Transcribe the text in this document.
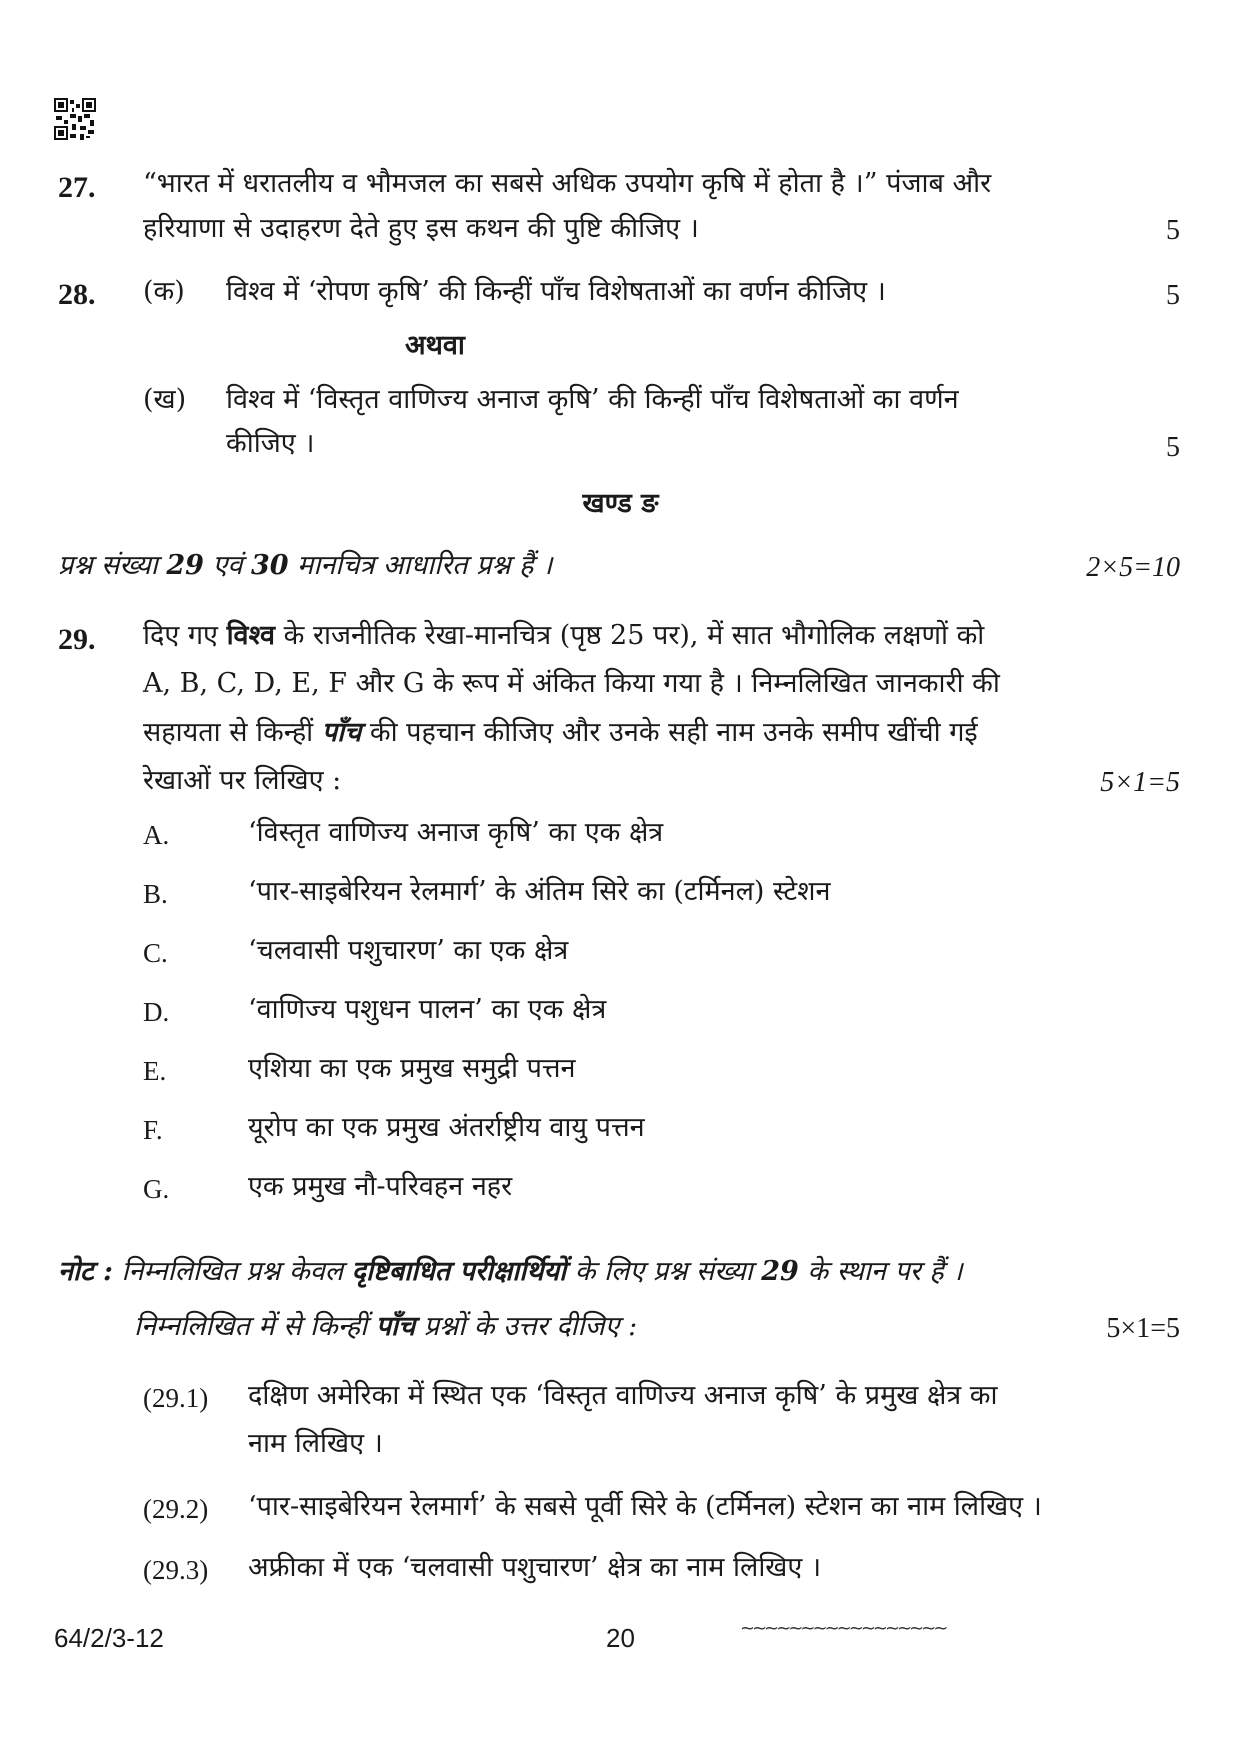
27. “भारत में धरातलीय व भौमजल का सबसे अधिक उपयोग कृषि में होता है ।” पंजाब और
हरियाणा से उदाहरण देते हुए इस कथन की पुष्टि कीजिए ।	5
28. (क) विश्व में ‘रोपण कृषि’ की किन्हीं पाँच विशेषताओं का वर्णन कीजिए ।	5
अथवा
(ख) विश्व में ‘विस्तृत वाणिज्य अनाज कृषि’ की किन्हीं पाँच विशेषताओं का वर्णन
कीजिए ।	5
खण्ड ङ
प्रश्न संख्या 29 एवं 30 मानचित्र आधारित प्रश्न हैं ।	2×5=10
29. दिए गए विश्व के राजनीतिक रेखा-मानचित्र (पृष्ठ 25 पर), में सात भौगोलिक लक्षणों को
A, B, C, D, E, F और G के रूप में अंकित किया गया है । निम्नलिखित जानकारी की
सहायता से किन्हीं पाँच की पहचान कीजिए और उनके सही नाम उनके समीप खींची गई
रेखाओं पर लिखिए :	5×1=5
A.	‘विस्तृत वाणिज्य अनाज कृषि’ का एक क्षेत्र
B.	‘पार-साइबेरियन रेलमार्ग’ के अंतिम सिरे का (टर्मिनल) स्टेशन
C.	‘चलवासी पशुचारण’ का एक क्षेत्र
D.	‘वाणिज्य पशुधन पालन’ का एक क्षेत्र
E.	एशिया का एक प्रमुख समुद्री पत्तन
F.	यूरोप का एक प्रमुख अंतर्राष्ट्रीय वायु पत्तन
G.	एक प्रमुख नौ-परिवहन नहर
नोट : निम्नलिखित प्रश्न केवल दृष्टिबाधित परीक्षार्थियों के लिए प्रश्न संख्या 29 के स्थान पर हैं ।
निम्नलिखित में से किन्हीं पाँच प्रश्नों के उत्तर दीजिए :	5×1=5
(29.1) दक्षिण अमेरिका में स्थित एक ‘विस्तृत वाणिज्य अनाज कृषि’ के प्रमुख क्षेत्र का
नाम लिखिए ।
(29.2) ‘पार-साइबेरियन रेलमार्ग’ के सबसे पूर्वी सिरे के (टर्मिनल) स्टेशन का नाम लिखिए ।
(29.3) अफ्रीका में एक ‘चलवासी पशुचारण’ क्षेत्र का नाम लिखिए ।
64/2/3-12	20	~~~~~~~~~~~~~~~~~
